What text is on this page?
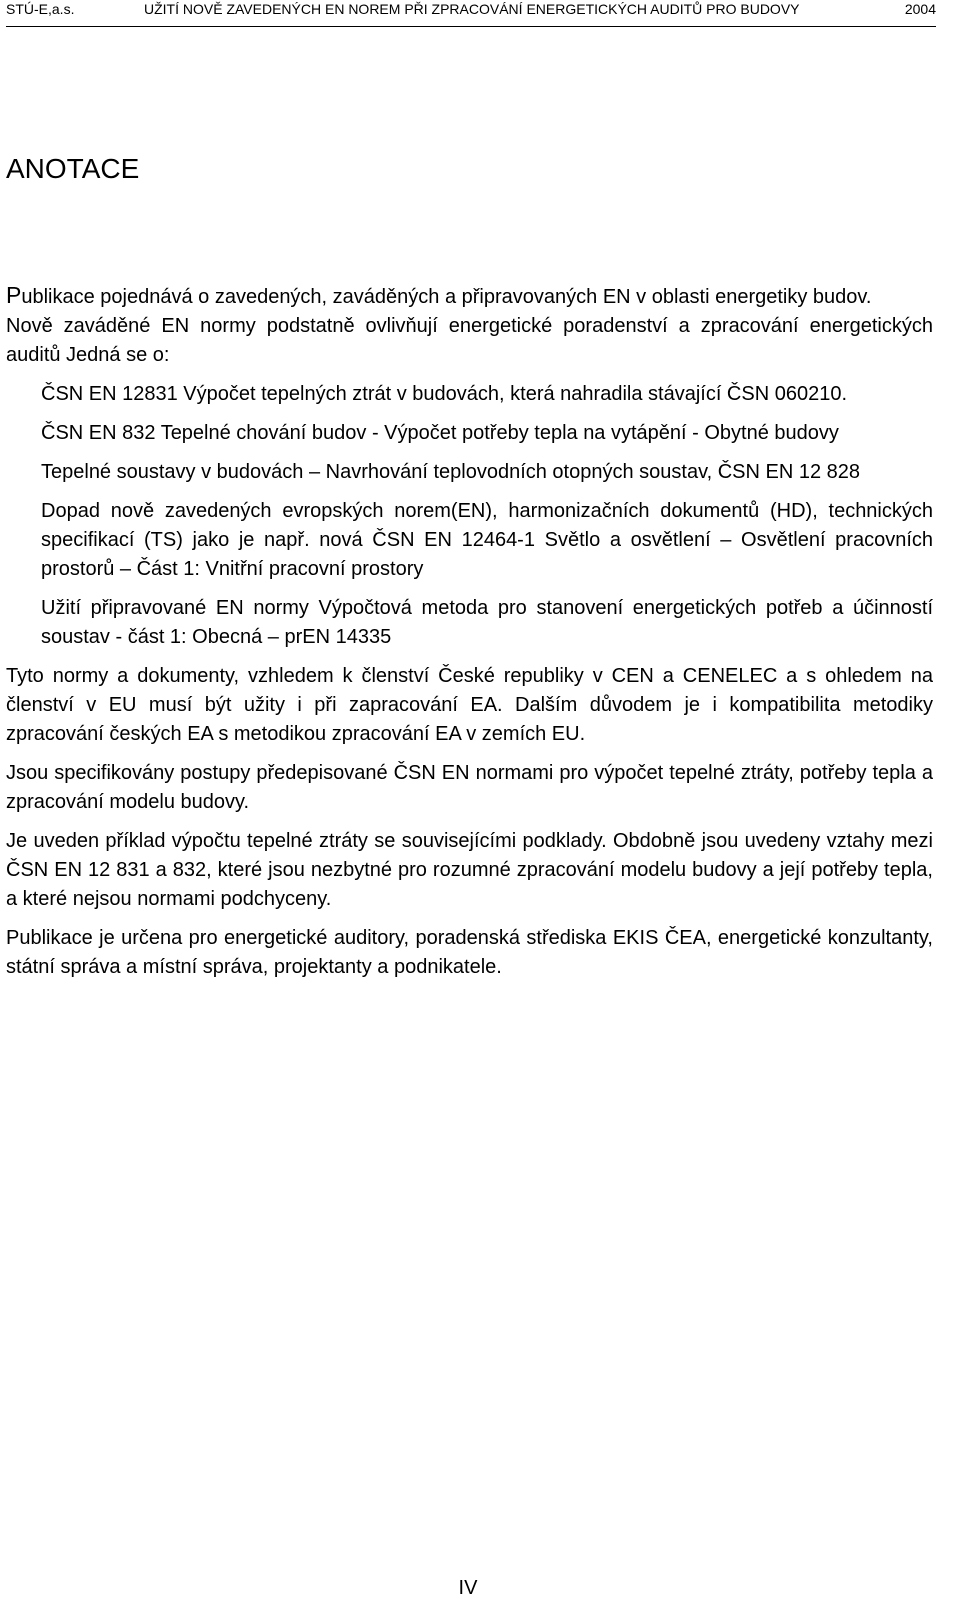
STÚ-E,a.s.	UŽITÍ NOVĚ ZAVEDENÝCH EN NOREM PŘI ZPRACOVÁNÍ ENERGETICKÝCH AUDITŮ PRO BUDOVY	2004
ANOTACE

Publikace pojednává o zavedených, zaváděných a připravovaných EN v oblasti energetiky budov.

Nově zaváděné EN normy podstatně ovlivňují energetické poradenství a zpracování energetických auditů Jedná se o:

ČSN EN 12831 Výpočet tepelných ztrát v budovách, která nahradila stávající ČSN 060210.

ČSN EN 832 Tepelné chování budov - Výpočet potřeby tepla na vytápění - Obytné budovy

Tepelné soustavy v budovách – Navrhování teplovodních otopných soustav, ČSN EN 12 828

Dopad nově zavedených evropských norem(EN), harmonizačních dokumentů (HD), technických specifikací (TS) jako je např. nová ČSN EN 12464-1 Světlo a osvětlení – Osvětlení pracovních prostorů – Část 1: Vnitřní pracovní prostory

Užití připravované EN normy Výpočtová metoda pro stanovení energetických potřeb a účinností soustav - část 1: Obecná – prEN 14335

Tyto normy a dokumenty, vzhledem k členství České republiky v CEN a CENELEC a s ohledem na členství v EU musí být užity i při zapracování EA. Dalším důvodem je i kompatibilita metodiky zpracování českých EA s metodikou zpracování EA v zemích EU.

Jsou specifikovány postupy předepisované ČSN EN normami pro výpočet tepelné ztráty, potřeby tepla a zpracování modelu budovy.

Je uveden příklad výpočtu tepelné ztráty se souvisejícími podklady. Obdobně jsou uvedeny vztahy mezi ČSN EN 12 831 a 832, které jsou nezbytné pro rozumné zpracování modelu budovy a její potřeby tepla, a které nejsou normami podchyceny.

Publikace je určena pro energetické auditory, poradenská střediska EKIS ČEA, energetické konzultanty, státní správa a místní správa, projektanty a podnikatele.

IV
